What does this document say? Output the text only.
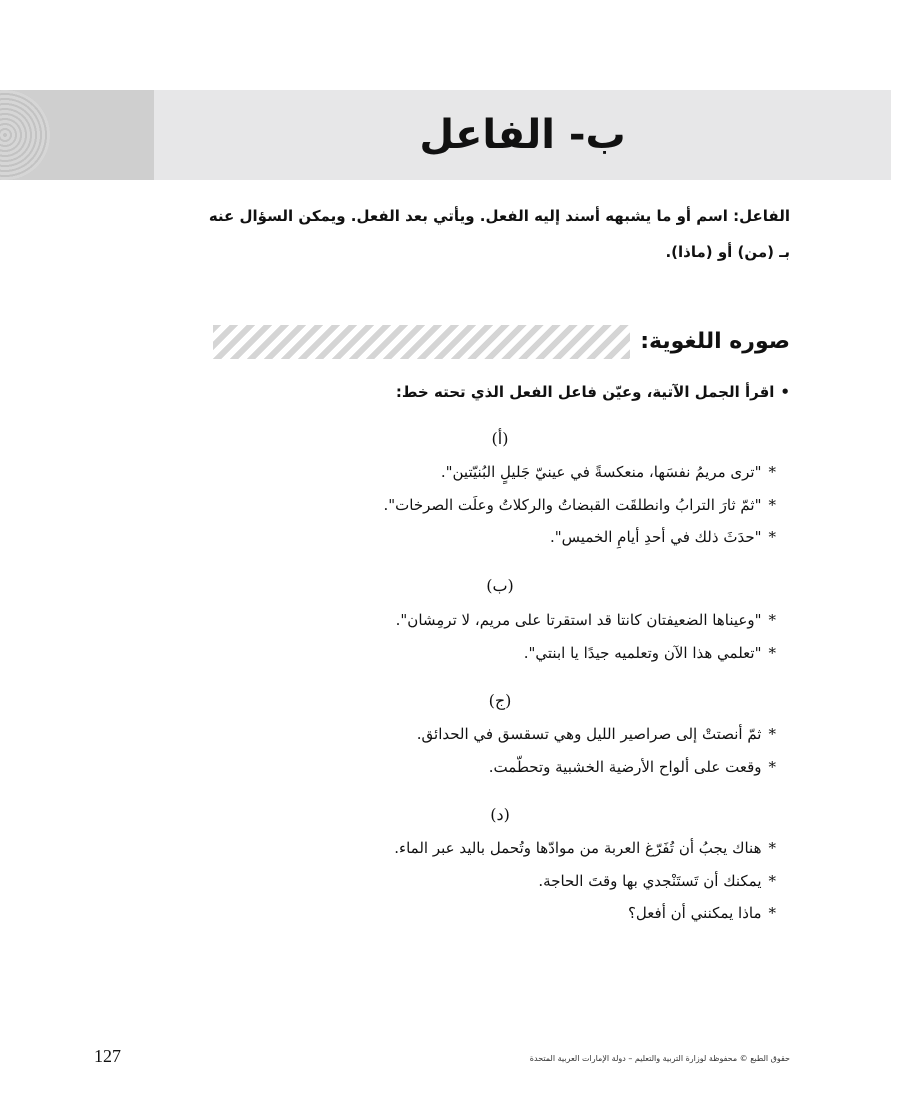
ب- الفاعل

الفاعل: اسم أو ما يشبهه أسند إليه الفعل. ويأتي بعد الفعل. ويمكن السؤال عنه بـ (من) أو (ماذا).

صوره اللغوية:

•اقرأ الجمل الآتية، وعيّن فاعل الفعل الذي تحته خط:

(أ)

*"ترى مريمُ نفسَها، منعكسةً في عينيّ جَليلٍ البُنيّتين".
*"ثمّ ثارَ الترابُ وانطلقَت القبضاتُ والركلاتُ وعلَت الصرخات".
*"حدَثَ ذلك في أحدِ أيامِ الخميس".

(ب)

*"وعيناها الضعيفتان كانتا قد استقرتا على مريم، لا ترمِشان".
*"تعلمي هذا الآن وتعلميه جيدًا يا ابنتي".

(ج)

*ثمّ أنصتتْ إلى صراصير الليل وهي تسقسق في الحدائق.
*وقعت على ألواح الأرضية الخشبية وتحطّمت.

(د)

*هناك يجبُ أن تُفَرّغ العربة من موادّها وتُحمل باليد عبر الماء.
*يمكنك أن تَستَنْجدي بها وقتَ الحاجة.
*ماذا يمكنني أن أفعل؟

127	حقوق الطبع © محفوظة لوزارة التربية والتعليم – دولة الإمارات العربية المتحدة
